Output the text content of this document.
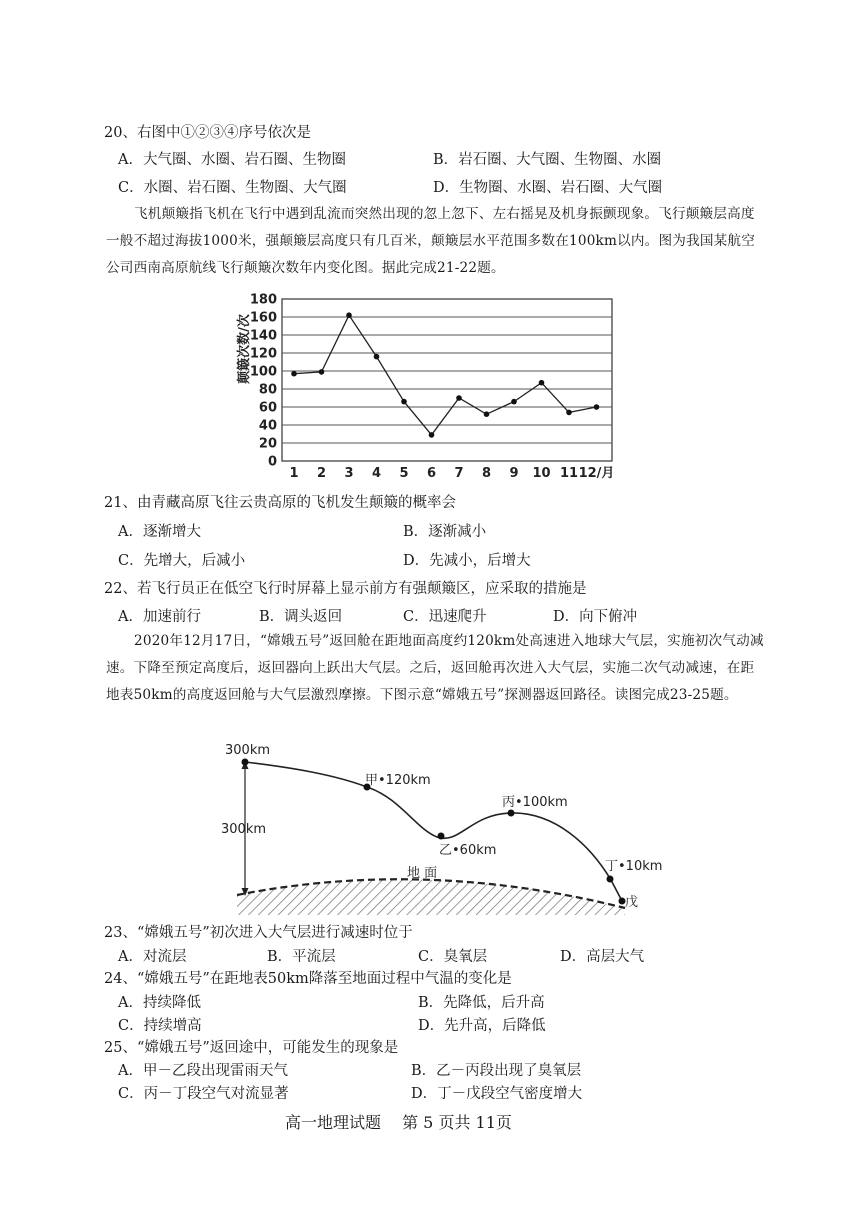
20、右图中①②③④序号依次是
A．大气圈、水圈、岩石圈、生物圈	B．岩石圈、大气圈、生物圈、水圈
C．水圈、岩石圈、生物圈、大气圈	D．生物圈、水圈、岩石圈、大气圈
飞机颠簸指飞机在飞行中遇到乱流而突然出现的忽上忽下、左右摇晃及机身振颤现象。飞行颠簸层高度一般不超过海拔1000米，强颠簸层高度只有几百米，颠簸层水平范围多数在100km以内。图为我国某航空公司西南高原航线飞行颠簸次数年内变化图。据此完成21-22题。
0
20
40
60
80
100
120
140
160
180
1 2 3 4 5 6 7 8 9 10 11 12/月
颠簸次数/次
21、由青藏高原飞往云贵高原的飞机发生颠簸的概率会
A．逐渐增大	B．逐渐减小
C．先增大，后减小	D．先减小，后增大
22、若飞行员正在低空飞行时屏幕上显示前方有强颠簸区，应采取的措施是
A．加速前行	B．调头返回	C．迅速爬升	D．向下俯冲
2020年12月17日，“嫦娥五号”返回舱在距地面高度约120km处高速进入地球大气层，实施初次气动减速。下降至预定高度后，返回器向上跃出大气层。之后，返回舱再次进入大气层，实施二次气动减速，在距地表50km的高度返回舱与大气层激烈摩擦。下图示意“嫦娥五号”探测器返回路径。读图完成23-25题。
300km
300km
甲•120km
乙•60km
丙•100km
丁•10km
戊
地 面
23、“嫦娥五号”初次进入大气层进行减速时位于
A．对流层	B．平流层	C．臭氧层	D．高层大气
24、“嫦娥五号”在距地表50km降落至地面过程中气温的变化是
A．持续降低	B．先降低，后升高
C．持续增高	D．先升高，后降低
25、“嫦娥五号”返回途中，可能发生的现象是
A．甲－乙段出现雷雨天气	B．乙－丙段出现了臭氧层
C．丙－丁段空气对流显著	D．丁－戊段空气密度增大
高一地理试题　 第 5 页共 11页
